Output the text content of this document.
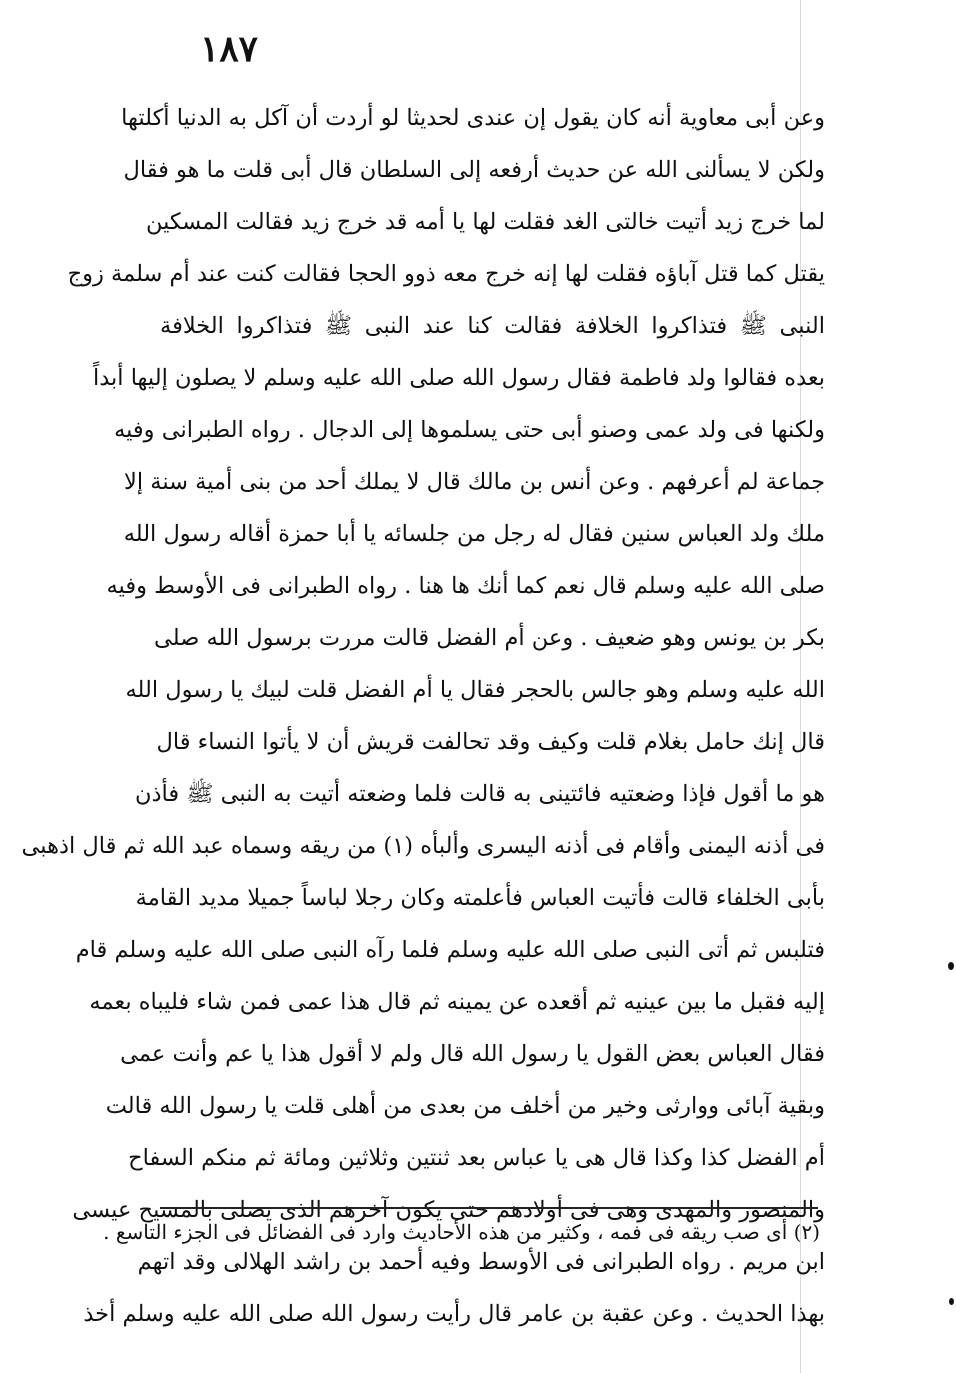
١٨٧
وعن أبى معاوية أنه كان يقول إن عندى لحديثا لو أردت أن آكل به الدنيا أكلتها
ولكن لا يسألنى الله عن حديث أرفعه إلى السلطان قال أبى قلت ما هو فقال
لما خرج زيد أتيت خالتى الغد فقلت لها يا أمه قد خرج زيد فقالت المسكين
يقتل كما قتل آباؤه فقلت لها إنه خرج معه ذوو الحجا فقالت كنت عند أم سلمة زوج
النبى ﷺ فتذاكروا الخلافة فقالت كنا عند النبى ﷺ فتذاكروا الخلافة
بعده فقالوا ولد فاطمة فقال رسول الله صلى الله عليه وسلم لا يصلون إليها أبداً
ولكنها فى ولد عمى وصنو أبى حتى يسلموها إلى الدجال . رواه الطبرانى وفيه
جماعة لم أعرفهم . وعن أنس بن مالك قال لا يملك أحد من بنى أمية سنة إلا
ملك ولد العباس سنين فقال له رجل من جلسائه يا أبا حمزة أقاله رسول الله
صلى الله عليه وسلم قال نعم كما أنك ها هنا . رواه الطبرانى فى الأوسط وفيه
بكر بن يونس وهو ضعيف . وعن أم الفضل قالت مررت برسول الله صلى
الله عليه وسلم وهو جالس بالحجر فقال يا أم الفضل قلت لبيك يا رسول الله
قال إنك حامل بغلام قلت وكيف وقد تحالفت قريش أن لا يأتوا النساء قال
هو ما أقول فإذا وضعتيه فائتينى به قالت فلما وضعته أتيت به النبى ﷺ فأذن
فى أذنه اليمنى وأقام فى أذنه اليسرى وألبأه (١) من ريقه وسماه عبد الله ثم قال اذهبى
بأبى الخلفاء قالت فأتيت العباس فأعلمته وكان رجلا لباساً جميلا مديد القامة
فتلبس ثم أتى النبى صلى الله عليه وسلم فلما رآه النبى صلى الله عليه وسلم قام
إليه فقبل ما بين عينيه ثم أقعده عن يمينه ثم قال هذا عمى فمن شاء فليباه بعمه
فقال العباس بعض القول يا رسول الله قال ولم لا أقول هذا يا عم وأنت عمى
وبقية آبائى ووارثى وخير من أخلف من بعدى من أهلى قلت يا رسول الله قالت
أم الفضل كذا وكذا قال هى يا عباس بعد ثنتين وثلاثين ومائة ثم منكم السفاح
والمنصور والمهدى وهى فى أولادهم حتى يكون آخرهم الذى يصلى بالمسيح عيسى
ابن مريم . رواه الطبرانى فى الأوسط وفيه أحمد بن راشد الهلالى وقد اتهم
بهذا الحديث . وعن عقبة بن عامر قال رأيت رسول الله صلى الله عليه وسلم أخذ
(٢) أى صب ريقه فى فمه ، وكثير من هذه الأحاديث وارد فى الفضائل فى الجزء التاسع .
